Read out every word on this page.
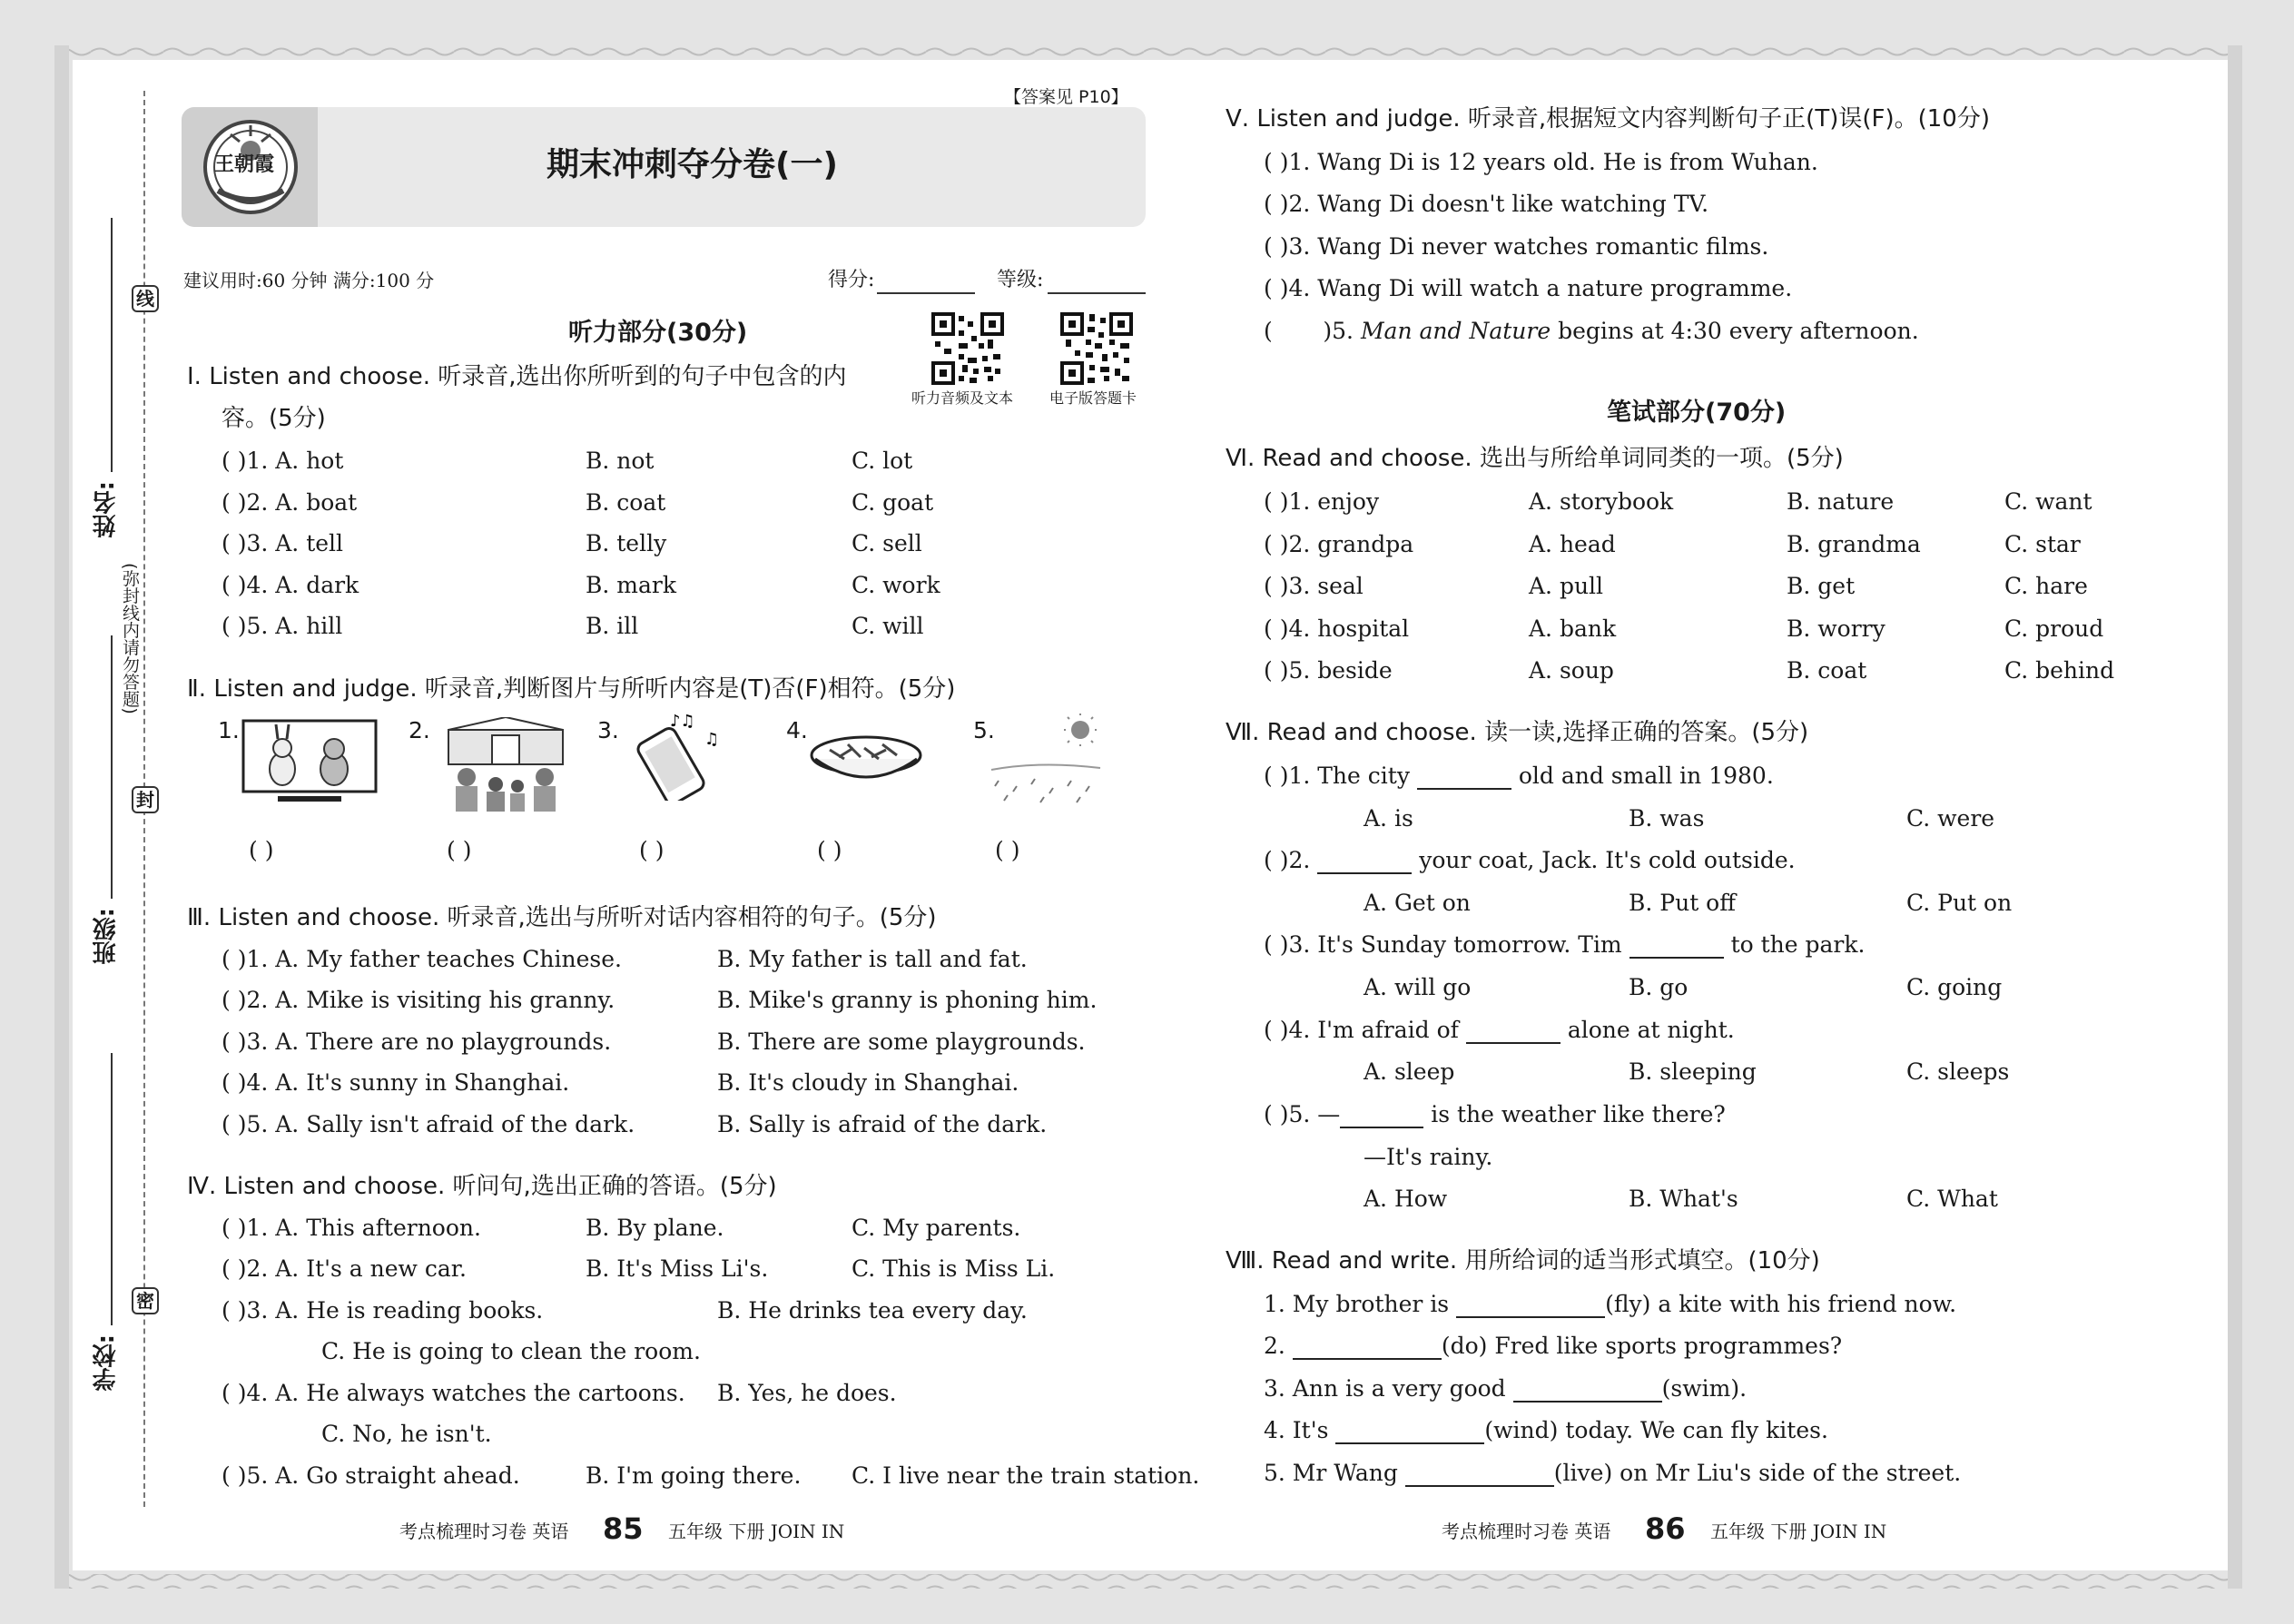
线
封
密
(弥封线内请勿答题)
姓名:
班级:
学校:
【答案见 P10】
王朝霞	期末冲刺夺分卷(一)
建议用时:60 分钟 满分:100 分	得分:	等级:
听力音频及文本 电子版答题卡
听力部分(30分)
Ⅰ. Listen and choose. 听录音,选出你所听到的句子中包含的内
容。(5分)
( )1. A. hot	B. not	C. lot
( )2. A. boat	B. coat	C. goat
( )3. A. tell	B. telly	C. sell
( )4. A. dark	B. mark	C. work
( )5. A. hill	B. ill	C. will
Ⅱ. Listen and judge. 听录音,判断图片与所听内容是(T)否(F)相符。(5分)
1.	2.	3.	4.	5.
♪♫
♫
( )	( )	( )	( )	( )
Ⅲ. Listen and choose. 听录音,选出与所听对话内容相符的句子。(5分)
( )1. A. My father teaches Chinese.	B. My father is tall and fat.
( )2. A. Mike is visiting his granny.	B. Mike's granny is phoning him.
( )3. A. There are no playgrounds.	B. There are some playgrounds.
( )4. A. It's sunny in Shanghai.	B. It's cloudy in Shanghai.
( )5. A. Sally isn't afraid of the dark.	B. Sally is afraid of the dark.
Ⅳ. Listen and choose. 听问句,选出正确的答语。(5分)
( )1. A. This afternoon.	B. By plane.	C. My parents.
( )2. A. It's a new car.	B. It's Miss Li's.	C. This is Miss Li.
( )3. A. He is reading books.	B. He drinks tea every day.
C. He is going to clean the room.
( )4. A. He always watches the cartoons. B. Yes, he does.
C. No, he isn't.
( )5. A. Go straight ahead.	B. I'm going there. C. I live near the train station.
考点梳理时习卷 英语 85 五年级 下册 JOIN IN
Ⅴ. Listen and judge. 听录音,根据短文内容判断句子正(T)误(F)。(10分)
( )1. Wang Di is 12 years old. He is from Wuhan.
( )2. Wang Di doesn't like watching TV.
( )3. Wang Di never watches romantic films.
( )4. Wang Di will watch a nature programme.
(       )5. Man and Nature begins at 4:30 every afternoon.
笔试部分(70分)
Ⅵ. Read and choose. 选出与所给单词同类的一项。(5分)
( )1. enjoy	A. storybook	B. nature	C. want
( )2. grandpa	A. head	B. grandma	C. star
( )3. seal	A. pull	B. get	C. hare
( )4. hospital	A. bank	B. worry	C. proud
( )5. beside	A. soup	B. coat	C. behind
Ⅶ. Read and choose. 读一读,选择正确的答案。(5分)
( )1. The city	old and small in 1980.
A. is	B. was	C. were
( )2.	your coat, Jack. It's cold outside.
A. Get on	B. Put off	C. Put on
( )3. It's Sunday tomorrow. Tim	to the park.
A. will go	B. go	C. going
( )4. I'm afraid of	alone at night.
A. sleep	B. sleeping	C. sleeps
( )5. —	is the weather like there?
—It's rainy.
A. How	B. What's	C. What
Ⅷ. Read and write. 用所给词的适当形式填空。(10分)
1. My brother is	(fly) a kite with his friend now.
2.	(do) Fred like sports programmes?
3. Ann is a very good	(swim).
4. It's	(wind) today. We can fly kites.
5. Mr Wang	(live) on Mr Liu's side of the street.
考点梳理时习卷 英语 86 五年级 下册 JOIN IN
